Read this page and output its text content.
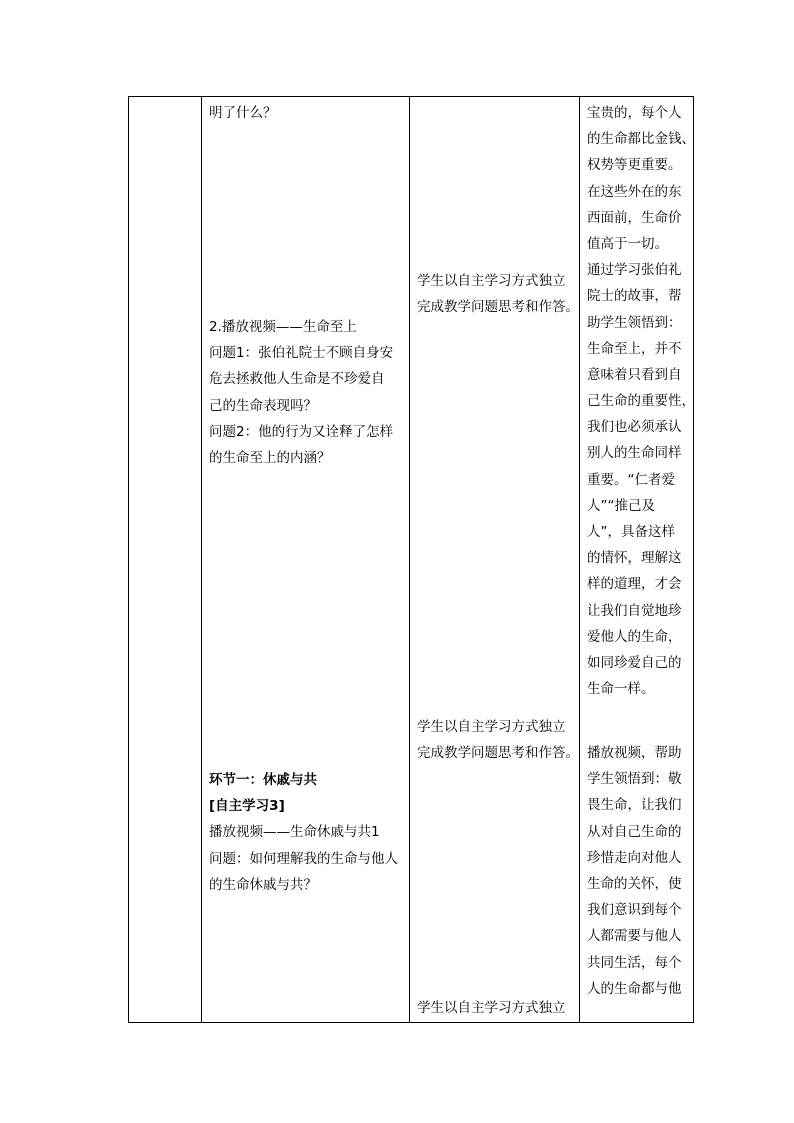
明了什么？
2.播放视频——生命至上
问题1：张伯礼院士不顾自身安
危去拯救他人生命是不珍爱自
己的生命表现吗？
问题2：他的行为又诠释了怎样
的生命至上的内涵？
环节一：休戚与共
[自主学习3]
播放视频——生命休戚与共1
问题：如何理解我的生命与他人
的生命休戚与共？
学生以自主学习方式独立
完成教学问题思考和作答。
学生以自主学习方式独立
完成教学问题思考和作答。
学生以自主学习方式独立
宝贵的，每个人
的生命都比金钱、
权势等更重要。
在这些外在的东
西面前，生命价
值高于一切。
通过学习张伯礼
院士的故事，帮
助学生领悟到：
生命至上，并不
意味着只看到自
己生命的重要性，
我们也必须承认
别人的生命同样
重要。“仁者爱
人”“推己及
人”，具备这样
的情怀，理解这
样的道理，才会
让我们自觉地珍
爱他人的生命，
如同珍爱自己的
生命一样。
播放视频，帮助
学生领悟到：敬
畏生命，让我们
从对自己生命的
珍惜走向对他人
生命的关怀，使
我们意识到每个
人都需要与他人
共同生活，每个
人的生命都与他
